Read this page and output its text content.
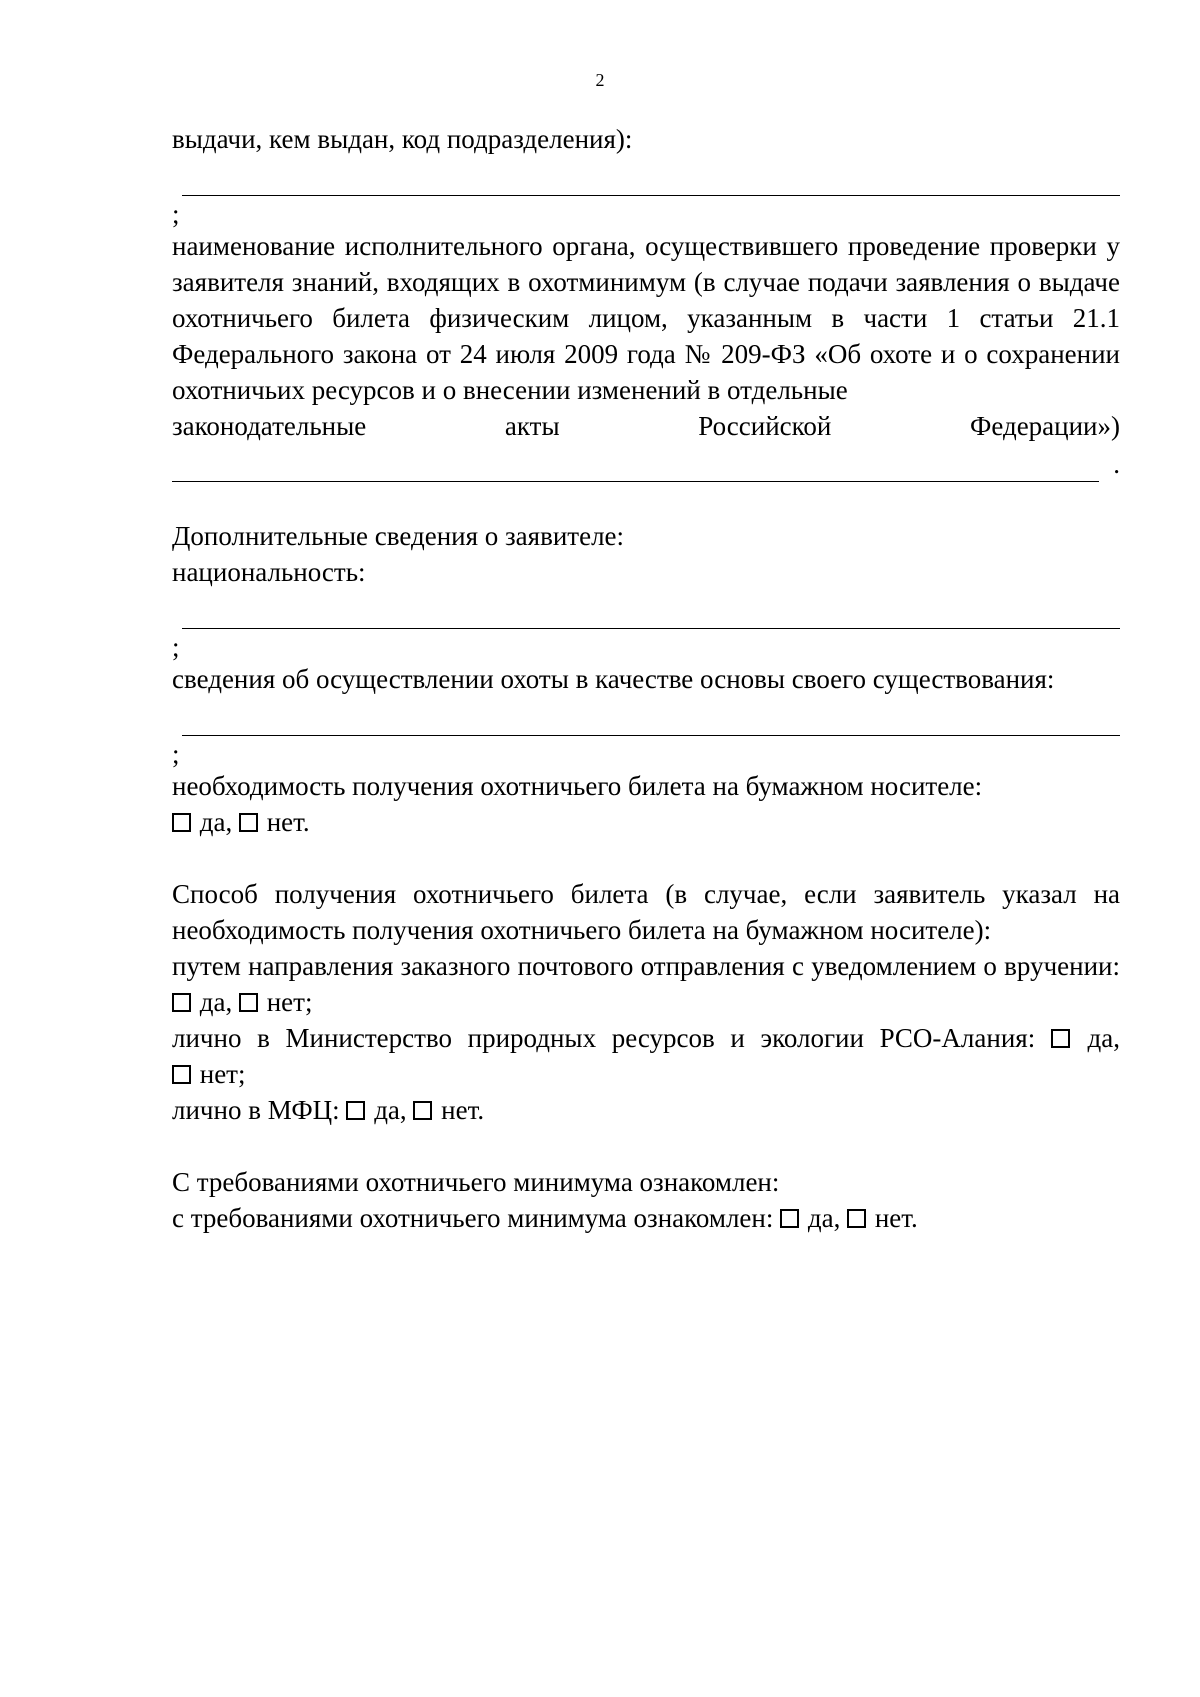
2

выдачи, кем выдан, код подразделения):

;

наименование исполнительного органа, осуществившего проведение проверки у заявителя знаний, входящих в охотминимум (в случае подачи заявления о выдаче охотничьего билета физическим лицом, указанным в части 1 статьи 21.1 Федерального закона от 24 июля 2009 года № 209-ФЗ «Об охоте и о сохранении охотничьих ресурсов и о внесении изменений в отдельные

законодательные акты Российской Федерации»)

.

Дополнительные сведения о заявителе:

национальность:

;

сведения об осуществлении охоты в качестве основы своего существования:

;

необходимость получения охотничьего билета на бумажном носителе:

да, нет.

Способ получения охотничьего билета (в случае, если заявитель указал на необходимость получения охотничьего билета на бумажном носителе):

путем направления заказного почтового отправления с уведомлением о вручении:  да, нет;

лично в Министерство природных ресурсов и экологии РСО-Алания: да,  нет;

лично в МФЦ: да, нет.

С требованиями охотничьего минимума ознакомлен:

с требованиями охотничьего минимума ознакомлен: да, нет.
